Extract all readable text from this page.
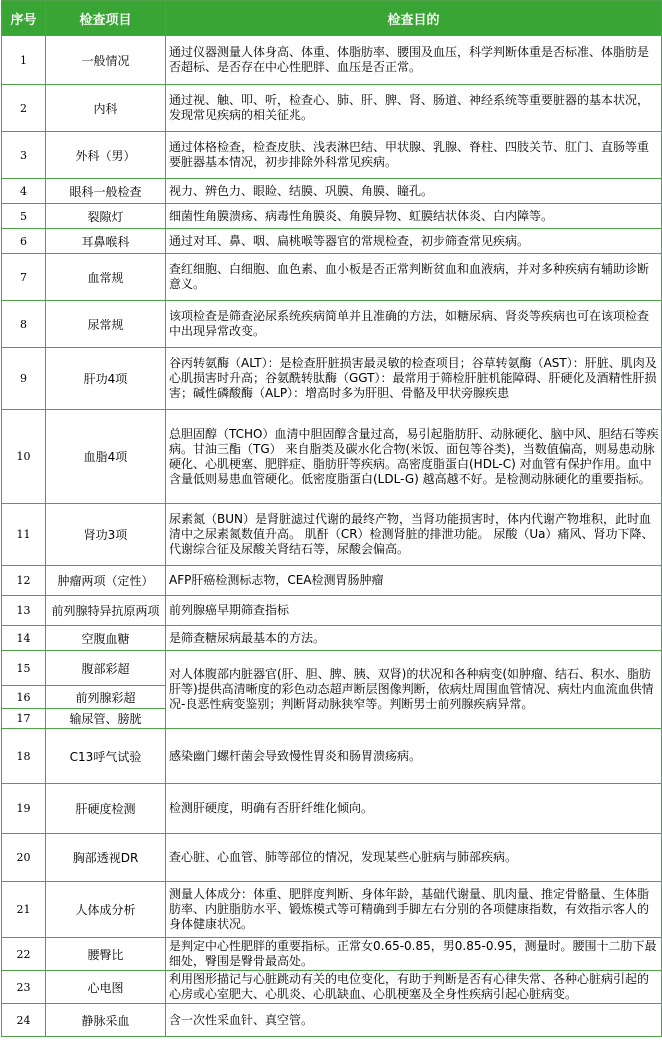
序号	检查项目	检查目的
1	一般情况	通过仪器测量人体身高、体重、体脂肪率、腰围及血压，科学判断体重是否标准、体脂肪是否超标、是否存在中心性肥胖、血压是否正常。
2	内科	通过视、触、叩、听，检查心、肺、肝、脾、肾、肠道、神经系统等重要脏器的基本状况，发现常见疾病的相关征兆。
3	外科（男）	通过体格检查，检查皮肤、浅表淋巴结、甲状腺、乳腺、脊柱、四肢关节、肛门、直肠等重要脏器基本情况，初步排除外科常见疾病。
4	眼科一般检查	视力、辨色力、眼睑、结膜、巩膜、角膜、瞳孔。
5	裂隙灯	细菌性角膜溃疡、病毒性角膜炎、角膜异物、虹膜结状体炎、白内障等。
6	耳鼻喉科	通过对耳、鼻、咽、扁桃喉等器官的常规检查，初步筛查常见疾病。
7	血常规	查红细胞、白细胞、血色素、血小板是否正常判断贫血和血液病，并对多种疾病有辅助诊断意义。
8	尿常规	该项检查是筛查泌尿系统疾病简单并且准确的方法，如糖尿病、肾炎等疾病也可在该项检查中出现异常改变。
9	肝功4项	谷丙转氨酶（ALT）：是检查肝脏损害最灵敏的检查项目；谷草转氨酶（AST）：肝脏、肌肉及心肌损害时升高；谷氨酰转肽酶（GGT）：最常用于筛检肝脏机能障碍、肝硬化及酒精性肝损害；碱性磷酸酶（ALP）：增高时多为肝胆、骨骼及甲状旁腺疾患
10	血脂4项	总胆固醇（TCHO）血清中胆固醇含量过高，易引起脂肪肝、动脉硬化、脑中风、胆结石等疾病。甘油三酯（TG） 来自脂类及碳水化合物(米饭、面包等谷类)，当数值偏高，则易患动脉硬化、心肌梗塞、肥胖症、脂肪肝等疾病。高密度脂蛋白(HDL-C) 对血管有保护作用。血中含量低则易患血管硬化。低密度脂蛋白(LDL-G) 越高越不好。是检测动脉硬化的重要指标。
11	肾功3项	尿素氮（BUN）是肾脏滤过代谢的最终产物，当肾功能损害时，体内代谢产物堆积，此时血清中之尿素氮数值升高。 肌酐（CR）检测肾脏的排泄功能。 尿酸（Ua）痛风、肾功下降、代谢综合征及尿酸关肾结石等，尿酸会偏高。
12	肿瘤两项（定性）	AFP肝癌检测标志物，CEA检测胃肠肿瘤
13	前列腺特异抗原两项	前列腺癌早期筛查指标
14	空腹血糖	是筛查糖尿病最基本的方法。
15	腹部彩超	对人体腹部内脏器官(肝、胆、脾、胰、双肾)的状况和各种病变(如肿瘤、结石、积水、脂肪肝等)提供高清晰度的彩色动态超声断层图像判断，依病灶周围血管情况、病灶内血流血供情况-良恶性病变鉴别；判断肾动脉狭窄等。判断男士前列腺疾病异常。
16	前列腺彩超	
17	输尿管、膀胱	
18	C13呼气试验	感染幽门螺杆菌会导致慢性胃炎和肠胃溃疡病。
19	肝硬度检测	检测肝硬度，明确有否肝纤维化倾向。
20	胸部透视DR	查心脏、心血管、肺等部位的情况，发现某些心脏病与肺部疾病。
21	人体成分析	测量人体成分：体重、肥胖度判断、身体年龄，基础代谢量、肌肉量、推定骨骼量、生体脂肪率、内脏脂肪水平、锻炼模式等可精确到手脚左右分别的各项健康指数，有效指示客人的身体健康状况。
22	腰臀比	是判定中心性肥胖的重要指标。正常女0.65-0.85，男0.85-0.95，测量时。腰围十二肋下最细处，臀围是臀骨最高处。
23	心电图	利用图形描记与心脏跳动有关的电位变化，有助于判断是否有心律失常、各种心脏病引起的心房或心室肥大、心肌炎、心肌缺血、心肌梗塞及全身性疾病引起心脏病变。
24	静脉采血	含一次性采血针、真空管。
